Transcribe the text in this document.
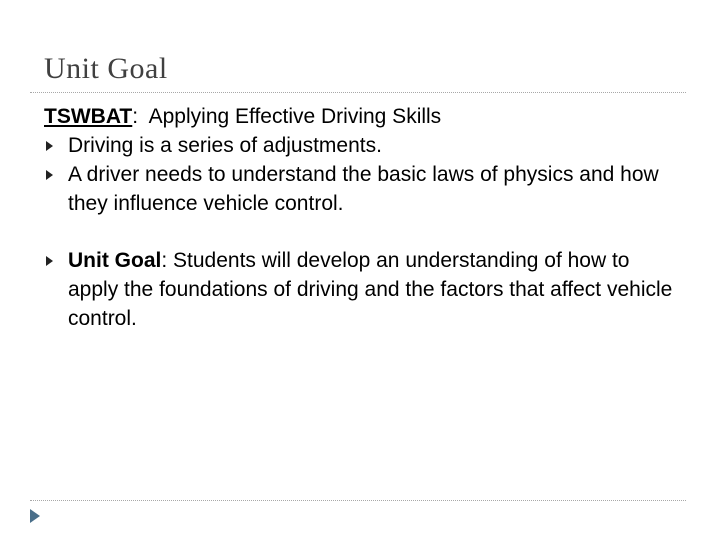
Unit Goal
TSWBAT:  Applying Effective Driving Skills
Driving is a series of adjustments.
A driver needs to understand the basic laws of physics and how they influence vehicle control.
Unit Goal: Students will develop an understanding of how to apply the foundations of driving and the factors that affect vehicle control.
